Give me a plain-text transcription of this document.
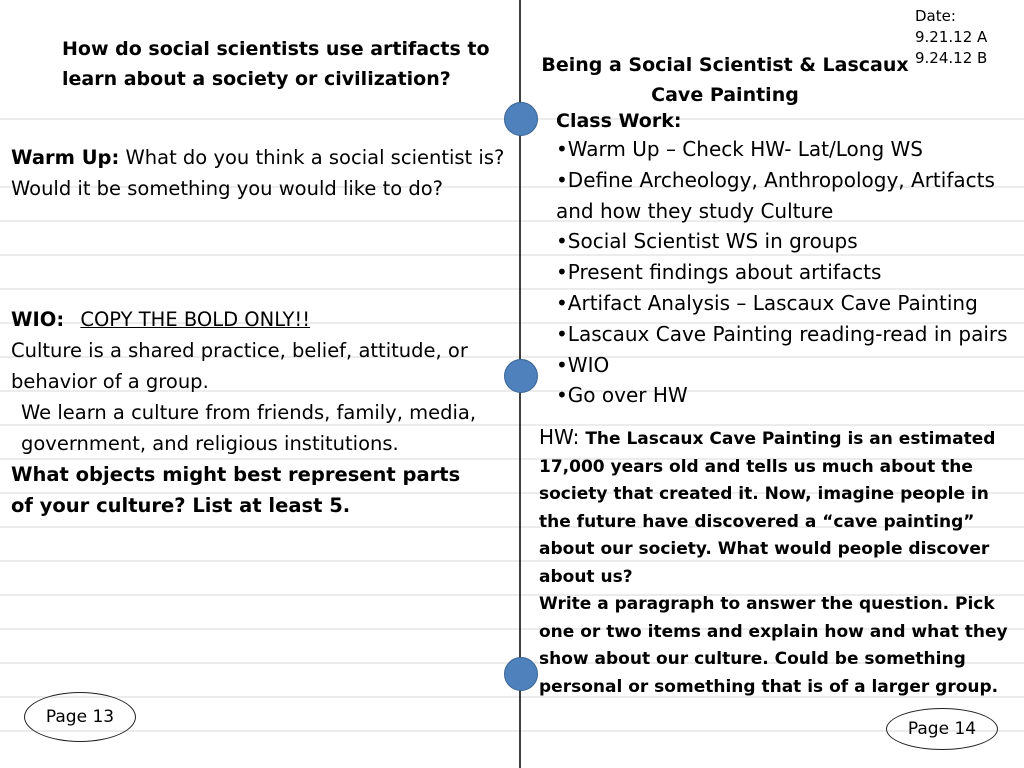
How do social scientists use artifacts to learn about a society or civilization?
Warm Up: What do you think a social scientist is? Would it be something you would like to do?
WIO: COPY THE BOLD ONLY!!
Culture is a shared practice, belief, attitude, or behavior of a group.
We learn a culture from friends, family, media, government, and religious institutions.
What objects might best represent parts of your culture? List at least 5.
Page 13
Date:
9.21.12 A
9.24.12 B
Being a Social Scientist & Lascaux Cave Painting
Class Work:
•Warm Up – Check HW- Lat/Long WS
•Define Archeology, Anthropology, Artifacts and how they study Culture
•Social Scientist WS in groups
•Present findings about artifacts
•Artifact Analysis – Lascaux Cave Painting
•Lascaux Cave Painting reading-read in pairs
•WIO
•Go over HW
HW: The Lascaux Cave Painting is an estimated 17,000 years old and tells us much about the society that created it. Now, imagine people in the future have discovered a “cave painting” about our society. What would people discover about us?
Write a paragraph to answer the question. Pick one or two items and explain how and what they show about our culture. Could be something personal or something that is of a larger group.
Page 14
